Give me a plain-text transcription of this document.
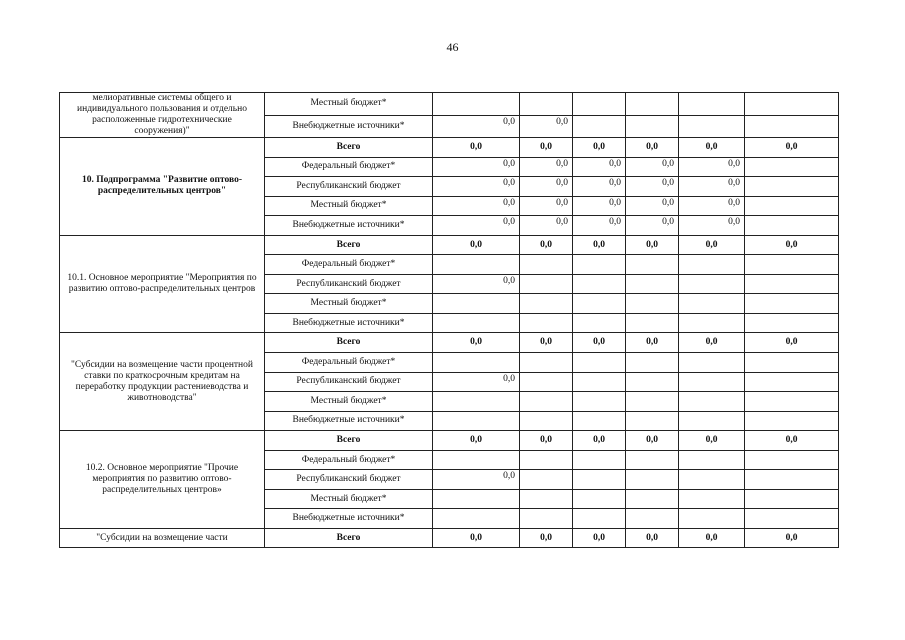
46
мелиоративные системы общего и индивидуального пользования и отдельно расположенные гидротехнические сооружения)"	Местный бюджет*							
	Внебюджетные источники*	0,0	0,0					
10. Подпрограмма "Развитие оптово-распределительных центров"	Всего	0,0	0,0	0,0	0,0	0,0	0,0	
	Федеральный бюджет*	0,0	0,0	0,0	0,0	0,0		
	Республиканский бюджет	0,0	0,0	0,0	0,0	0,0		
	Местный бюджет*	0,0	0,0	0,0	0,0	0,0		
	Внебюджетные источники*	0,0	0,0	0,0	0,0	0,0		
10.1. Основное мероприятие "Мероприятия по развитию оптово-распределительных центров	Всего	0,0	0,0	0,0	0,0	0,0	0,0	
	Федеральный бюджет*							
	Республиканский бюджет	0,0						
	Местный бюджет*							
	Внебюджетные источники*							
"Субсидии на возмещение части процентной ставки по краткосрочным кредитам на переработку продукции растениеводства и животноводства"	Всего	0,0	0,0	0,0	0,0	0,0	0,0	
	Федеральный бюджет*							
	Республиканский бюджет	0,0						
	Местный бюджет*							
	Внебюджетные источники*							
10.2. Основное мероприятие "Прочие мероприятия по развитию оптово-распределительных центров»	Всего	0,0	0,0	0,0	0,0	0,0	0,0	
	Федеральный бюджет*							
	Республиканский бюджет	0,0						
	Местный бюджет*							
	Внебюджетные источники*							
"Субсидии на возмещение части	Всего	0,0	0,0	0,0	0,0	0,0	0,0	
